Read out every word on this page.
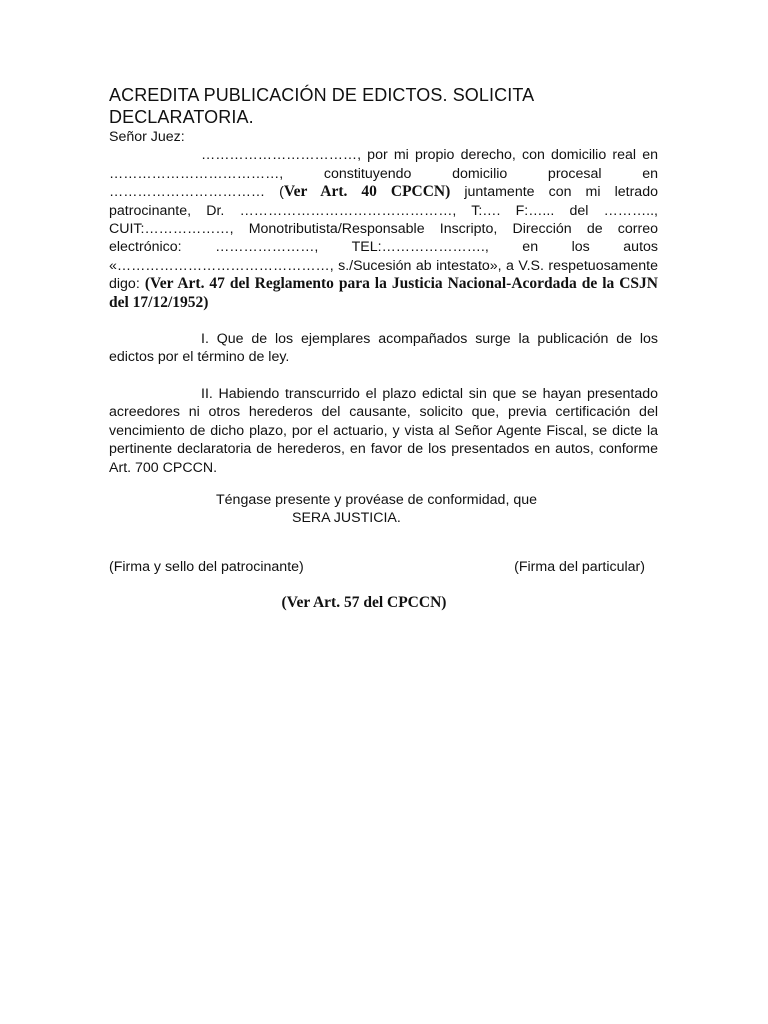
ACREDITA PUBLICACIÓN DE EDICTOS. SOLICITA DECLARATORIA.

Señor Juez:

……………………………, por mi propio derecho, con domicilio real en ………………………………, constituyendo domicilio procesal en …………………………… (Ver Art. 40 CPCCN) juntamente con mi letrado patrocinante, Dr. ………………………………………, T:…. F:…... del ……….., CUIT:………………, Monotributista/Responsable Inscripto, Dirección de correo electrónico: …………………, TEL:…………………., en los autos «………………………………………, s./Sucesión ab intestato», a V.S. respetuosamente digo: (Ver Art. 47 del Reglamento para la Justicia Nacional-Acordada de la CSJN del 17/12/1952)

I. Que de los ejemplares acompañados surge la publicación de los edictos por el término de ley.

II. Habiendo transcurrido el plazo edictal sin que se hayan presentado acreedores ni otros herederos del causante, solicito que, previa certificación del vencimiento de dicho plazo, por el actuario, y vista al Señor Agente Fiscal, se dicte la pertinente declaratoria de herederos, en favor de los presentados en autos, conforme Art. 700 CPCCN.

Téngase presente y provéase de conformidad, que

SERA JUSTICIA.

(Firma y sello del patrocinante)	(Firma del particular)

(Ver Art. 57 del CPCCN)
